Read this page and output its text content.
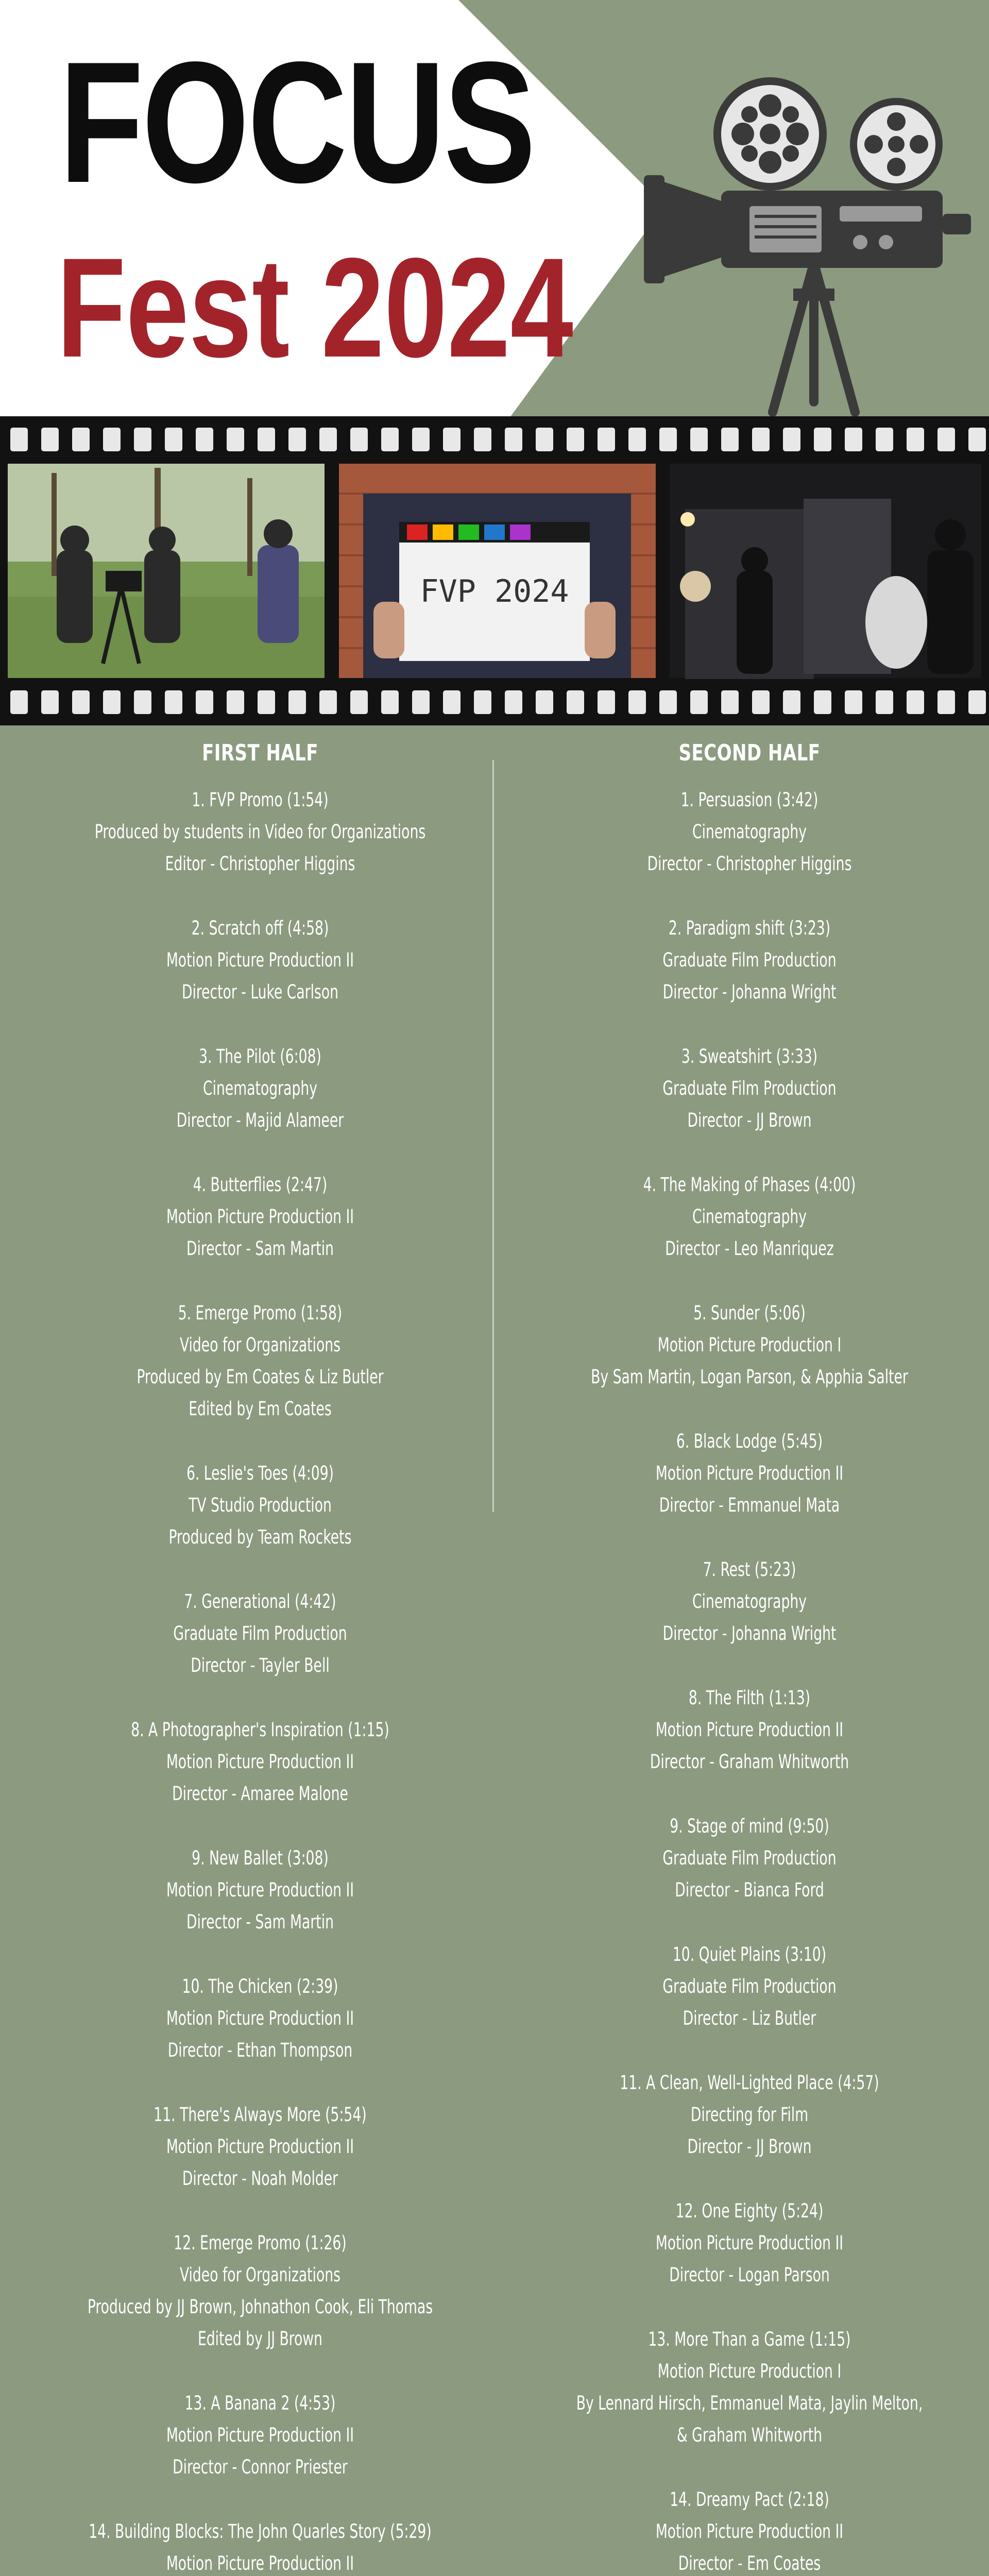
FOCUS
Fest 2024
FVP 2024
FIRST HALF
1. FVP Promo (1:54)
Produced by students in Video for Organizations
Editor - Christopher Higgins
2. Scratch off (4:58)
Motion Picture Production II
Director - Luke Carlson
3. The Pilot (6:08)
Cinematography
Director - Majid Alameer
4. Butterflies (2:47)
Motion Picture Production II
Director - Sam Martin
5. Emerge Promo (1:58)
Video for Organizations
Produced by Em Coates & Liz Butler
Edited by Em Coates
6. Leslie's Toes (4:09)
TV Studio Production
Produced by Team Rockets
7. Generational (4:42)
Graduate Film Production
Director - Tayler Bell
8. A Photographer's Inspiration (1:15)
Motion Picture Production II
Director - Amaree Malone
9. New Ballet (3:08)
Motion Picture Production II
Director - Sam Martin
10. The Chicken (2:39)
Motion Picture Production II
Director - Ethan Thompson
11. There's Always More (5:54)
Motion Picture Production II
Director - Noah Molder
12. Emerge Promo (1:26)
Video for Organizations
Produced by JJ Brown, Johnathon Cook, Eli Thomas
Edited by JJ Brown
13. A Banana 2 (4:53)
Motion Picture Production II
Director - Connor Priester
14. Building Blocks: The John Quarles Story (5:29)
Motion Picture Production II
SECOND HALF
1. Persuasion (3:42)
Cinematography
Director - Christopher Higgins
2. Paradigm shift (3:23)
Graduate Film Production
Director - Johanna Wright
3. Sweatshirt (3:33)
Graduate Film Production
Director - JJ Brown
4. The Making of Phases (4:00)
Cinematography
Director - Leo Manriquez
5. Sunder (5:06)
Motion Picture Production I
By Sam Martin, Logan Parson, & Apphia Salter
6. Black Lodge (5:45)
Motion Picture Production II
Director - Emmanuel Mata
7. Rest (5:23)
Cinematography
Director - Johanna Wright
8. The Filth (1:13)
Motion Picture Production II
Director - Graham Whitworth
9. Stage of mind (9:50)
Graduate Film Production
Director - Bianca Ford
10. Quiet Plains (3:10)
Graduate Film Production
Director - Liz Butler
11. A Clean, Well-Lighted Place (4:57)
Directing for Film
Director - JJ Brown
12. One Eighty (5:24)
Motion Picture Production II
Director - Logan Parson
13. More Than a Game (1:15)
Motion Picture Production I
By Lennard Hirsch, Emmanuel Mata, Jaylin Melton,
& Graham Whitworth
14. Dreamy Pact (2:18)
Motion Picture Production II
Director - Em Coates
